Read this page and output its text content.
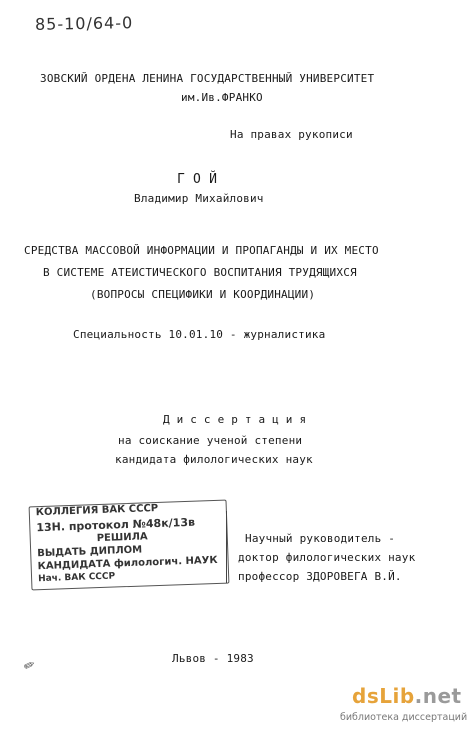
85-10/64-0
ЗОВСКИЙ ОРДЕНА ЛЕНИНА ГОСУДАРСТВЕННЫЙ УНИВЕРСИТЕТ
им.Ив.ФРАНКО
На правах рукописи
Г О Й
Владимир Михайлович
СРЕДСТВА МАССОВОЙ ИНФОРМАЦИИ И ПРОПАГАНДЫ И ИХ МЕСТО
В СИСТЕМЕ АТЕИСТИЧЕСКОГО ВОСПИТАНИЯ ТРУДЯЩИХСЯ
(ВОПРОСЫ СПЕЦИФИКИ И КООРДИНАЦИИ)
Специальность 10.01.10 - журналистика
Д и с с е р т а ц и я
на соискание ученой степени
кандидата филологических наук
КОЛЛЕГИЯ ВАК СССР
13Н. протокол №48к/13в
РЕШИЛА
ВЫДАТЬ ДИПЛОМ
КАНДИДАТА филологич. НАУК
Нач. ВАК СССР
Научный руководитель -
доктор филологических наук
профессор ЗДОРОВЕГА В.Й.
✎	Львов - 1983
dsLib.net
библиотека диссертаций
